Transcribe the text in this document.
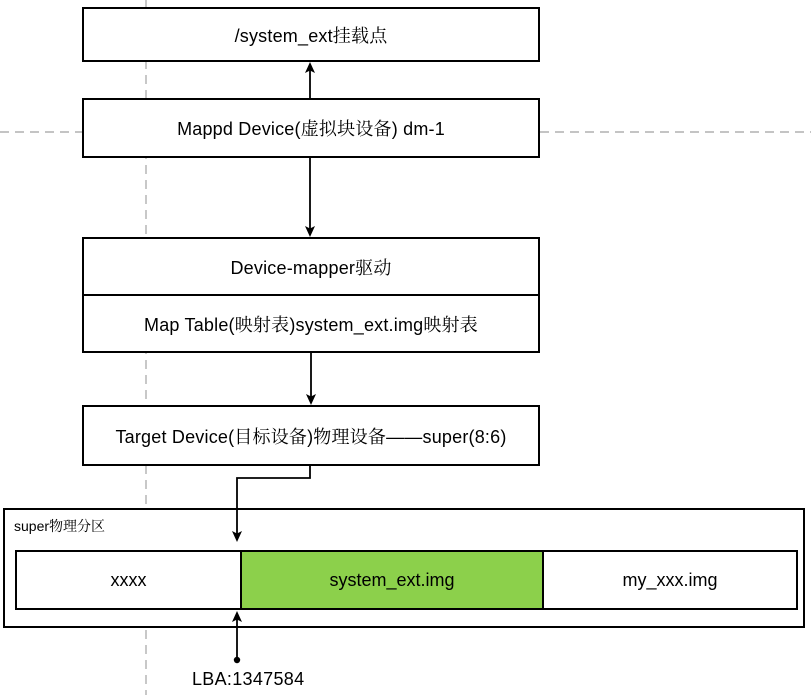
/system_ext挂载点
Mappd Device(虚拟块设备) dm-1
Device-mapper驱动
Map Table(映射表)system_ext.img映射表
Target Device(目标设备)物理设备——super(8:6)
super物理分区
xxxx	system_ext.img	my_xxx.img
LBA:1347584
